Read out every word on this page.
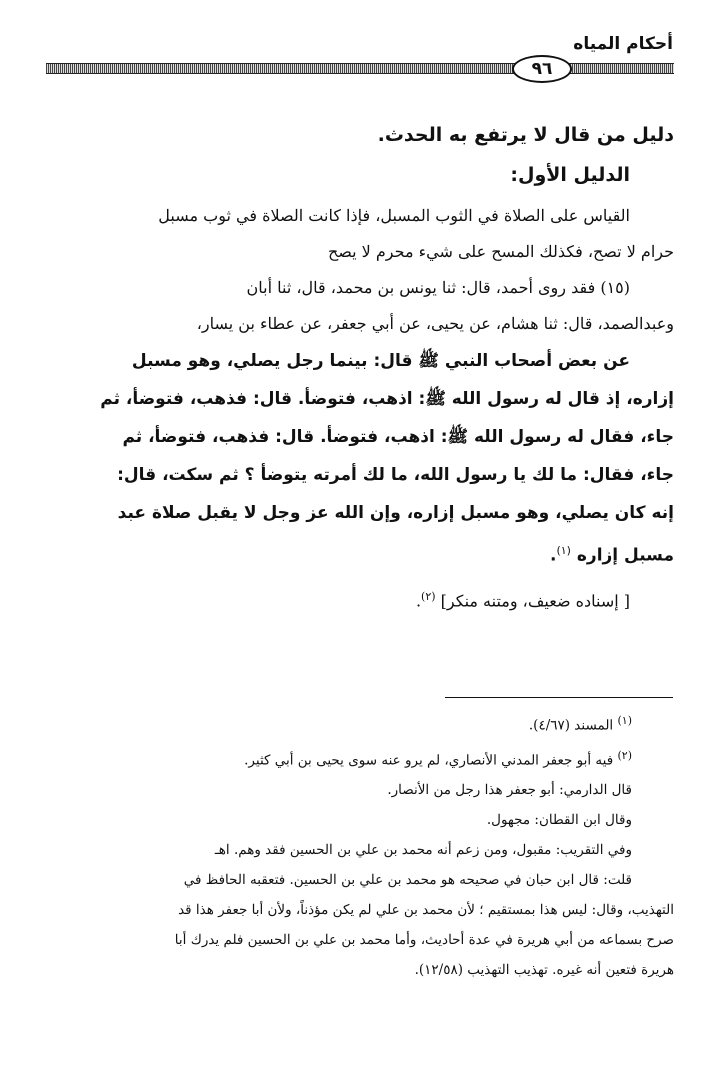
أحكام المياه
٩٦

دليل من قال لا يرتفع به الحدث.

الدليل الأول:

القياس على الصلاة في الثوب المسبل، فإذا كانت الصلاة في ثوب مسبل

حرام لا تصح، فكذلك المسح على شيء محرم لا يصح

(١٥) فقد روى أحمد، قال: ثنا يونس بن محمد، قال، ثنا أبان

وعبدالصمد، قال: ثنا هشام، عن يحيى، عن أبي جعفر، عن عطاء بن يسار،

عن بعض أصحاب النبي ﷺ قال: بينما رجل يصلي، وهو مسبل

إزاره، إذ قال له رسول الله ﷺ: اذهب، فتوضأ. قال: فذهب، فتوضأ، ثم

جاء، فقال له رسول الله ﷺ: اذهب، فتوضأ. قال: فذهب، فتوضأ، ثم

جاء، فقال: ما لك يا رسول الله، ما لك أمرته يتوضأ ؟ ثم سكت، قال:

إنه كان يصلي، وهو مسبل إزاره، وإن الله عز وجل لا يقبل صلاة عبد

مسبل إزاره $^{(١)}$.

[ إسناده ضعيف، ومتنه منكر] $^{(٢)}$.

$^{(١)}$ المسند (٤/٦٧).

$^{(٢)}$ فيه أبو جعفر المدني الأنصاري، لم يرو عنه سوى يحيى بن أبي كثير.

قال الدارمي: أبو جعفر هذا رجل من الأنصار.

وقال ابن القطان: مجهول.

وفي التقريب: مقبول، ومن زعم أنه محمد بن علي بن الحسين فقد وهم. اهـ

قلت: قال ابن حبان في صحيحه هو محمد بن علي بن الحسين. فتعقبه الحافظ في

التهذيب، وقال: ليس هذا بمستقيم ؛ لأن محمد بن علي لم يكن مؤذناً، ولأن أبا جعفر هذا قد

صرح بسماعه من أبي هريرة في عدة أحاديث، وأما محمد بن علي بن الحسين فلم يدرك أبا

هريرة فتعين أنه غيره. تهذيب التهذيب (١٢/٥٨).
